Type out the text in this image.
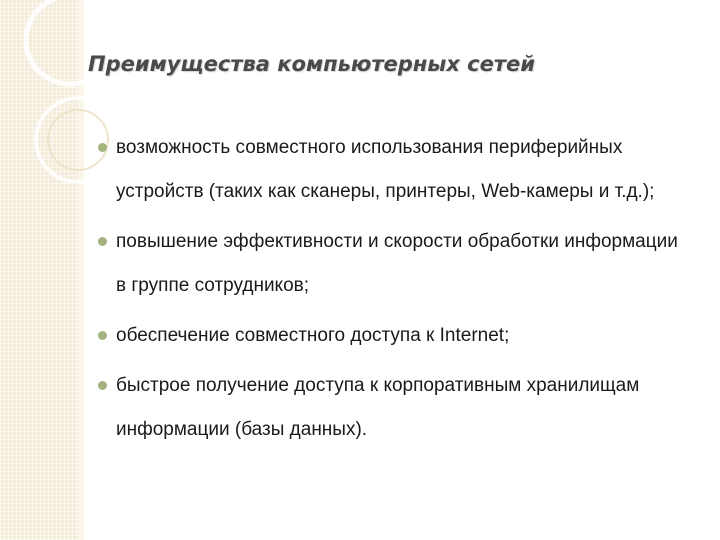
Преимущества компьютерных сетей
возможность совместного использования периферийных устройств (таких как сканеры, принтеры, Web-камеры и т.д.);
повышение эффективности и скорости обработки информации в группе сотрудников;
обеспечение совместного доступа к Internet;
быстрое получение доступа к корпоративным хранилищам информации (базы данных).
